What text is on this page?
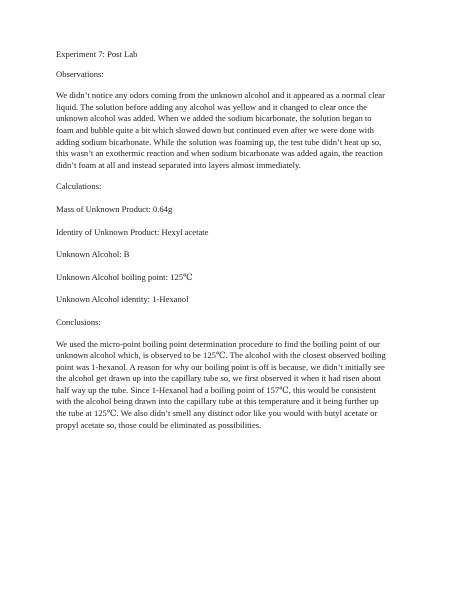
Experiment 7: Post Lab

Observations:

We didn’t notice any odors coming from the unknown alcohol and it appeared as a normal clear
liquid. The solution before adding any alcohol was yellow and it changed to clear once the
unknown alcohol was added. When we added the sodium bicarbonate, the solution began to
foam and bubble quite a bit which slowed down but continued even after we were done with
adding sodium bicarbonate. While the solution was foaming up, the test tube didn’t heat up so,
this wasn’t an exothermic reaction and when sodium bicarbonate was added again, the reaction
didn’t foam at all and instead separated into layers almost immediately.

Calculations:

Mass of Unknown Product: 0.64g

Identity of Unknown Product: Hexyl acetate

Unknown Alcohol: B

Unknown Alcohol boiling point: 125℃

Unknown Alcohol identity: 1-Hexanol

Conclusions:

We used the micro-point boiling point determination procedure to find the boiling point of our
unknown alcohol which, is observed to be 125℃. The alcohol with the closest observed boiling
point was 1-hexanol. A reason for why our boiling point is off is because, we didn’t initially see
the alcohol get drawn up into the capillary tube so, we first observed it when it had risen about
half way up the tube. Since 1-Hexanol had a boiling point of 157℃, this would be consistent
with the alcohol being drawn into the capillary tube at this temperature and it being further up
the tube at 125℃. We also didn’t smell any distinct odor like you would with butyl acetate or
propyl acetate so, those could be eliminated as possibilities.
